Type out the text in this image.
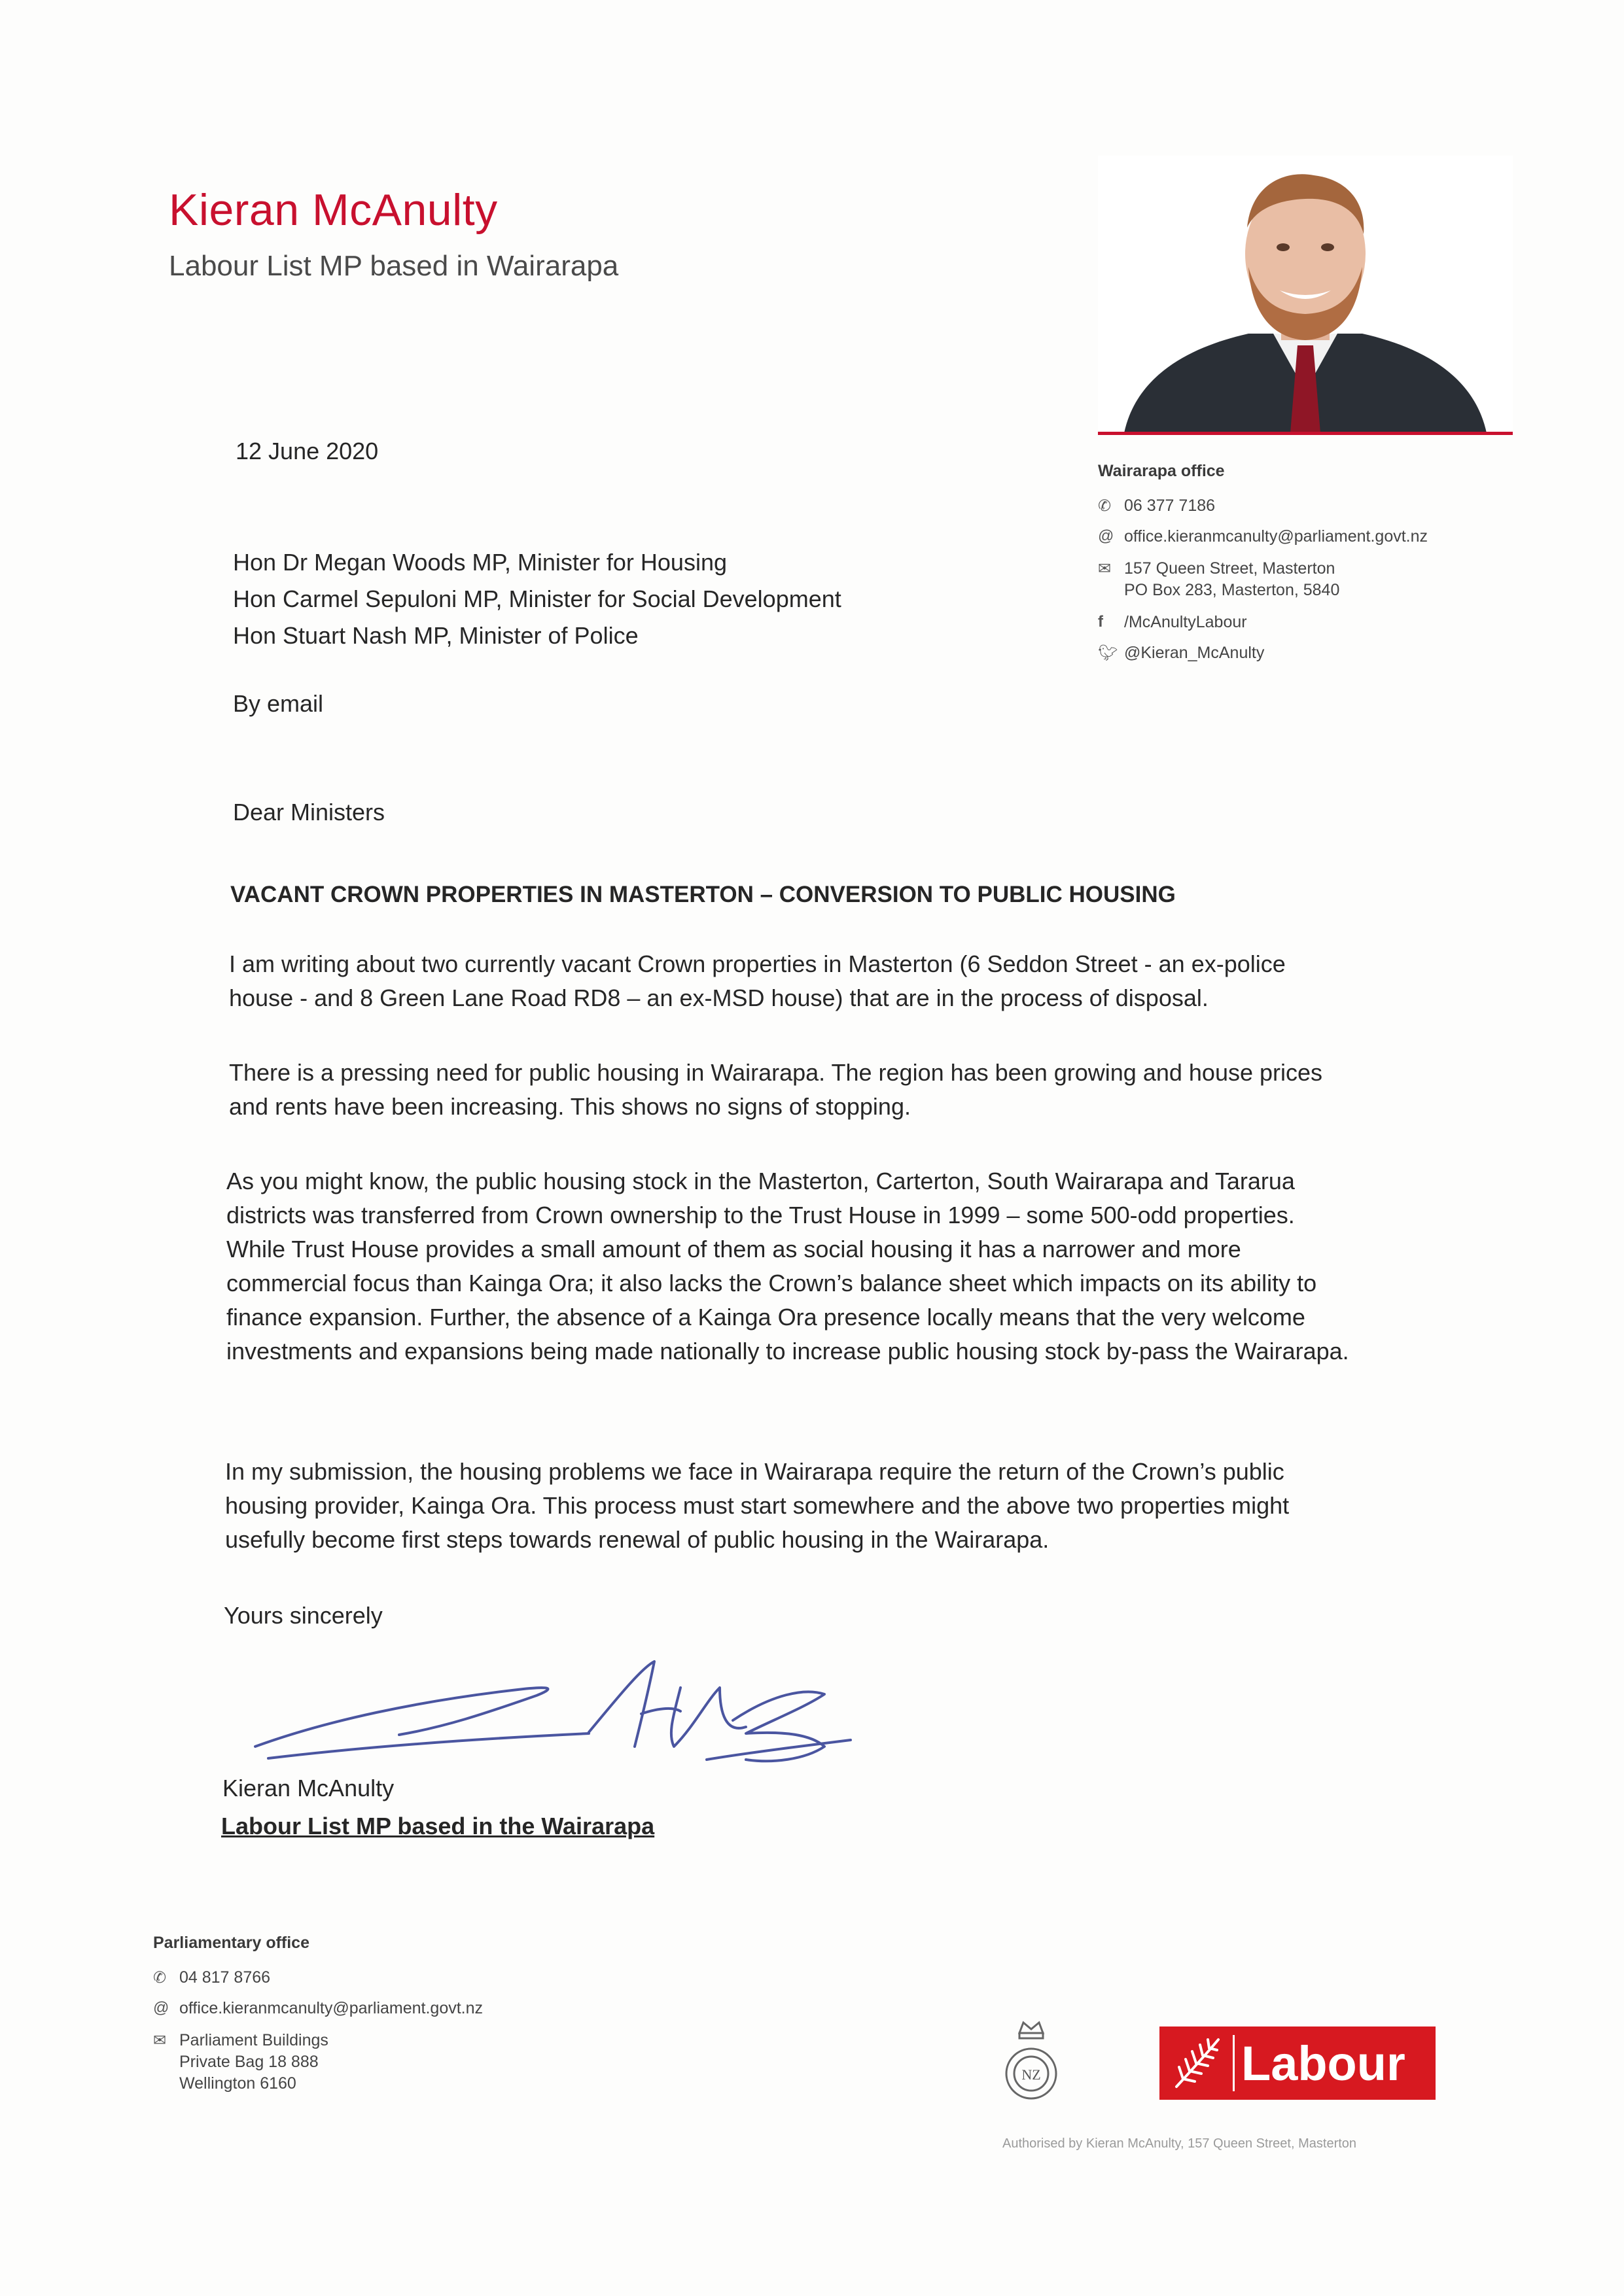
Kieran McAnulty
Labour List MP based in Wairarapa
Wairarapa office
✆ 06 377 7186
@ office.kieranmcanulty@parliament.govt.nz
✉ 157 Queen Street, Masterton
PO Box 283, Masterton, 5840
f	/McAnultyLabour
🐦︎ @Kieran_McAnulty
12 June 2020
Hon Dr Megan Woods MP, Minister for Housing
Hon Carmel Sepuloni MP, Minister for Social Development
Hon Stuart Nash MP, Minister of Police
By email
Dear Ministers
VACANT CROWN PROPERTIES IN MASTERTON – CONVERSION TO PUBLIC HOUSING
I am writing about two currently vacant Crown properties in Masterton (6 Seddon Street - an ex-police house - and 8 Green Lane Road RD8 – an ex-MSD house) that are in the process of disposal.
There is a pressing need for public housing in Wairarapa. The region has been growing and house prices and rents have been increasing. This shows no signs of stopping.
As you might know, the public housing stock in the Masterton, Carterton, South Wairarapa and Tararua districts was transferred from Crown ownership to the Trust House in 1999 – some 500-odd properties. While Trust House provides a small amount of them as social housing it has a narrower and more commercial focus than Kainga Ora; it also lacks the Crown’s balance sheet which impacts on its ability to finance expansion. Further, the absence of a Kainga Ora presence locally means that the very welcome investments and expansions being made nationally to increase public housing stock by-pass the Wairarapa.
In my submission, the housing problems we face in Wairarapa require the return of the Crown’s public housing provider, Kainga Ora. This process must start somewhere and the above two properties might usefully become first steps towards renewal of public housing in the Wairarapa.
Yours sincerely
Kieran McAnulty
Labour List MP based in the Wairarapa
Parliamentary office
✆ 04 817 8766
@ office.kieranmcanulty@parliament.govt.nz
✉ Parliament Buildings
Private Bag 18 888
Wellington 6160	NZ	Labour
Authorised by Kieran McAnulty, 157 Queen Street, Masterton
